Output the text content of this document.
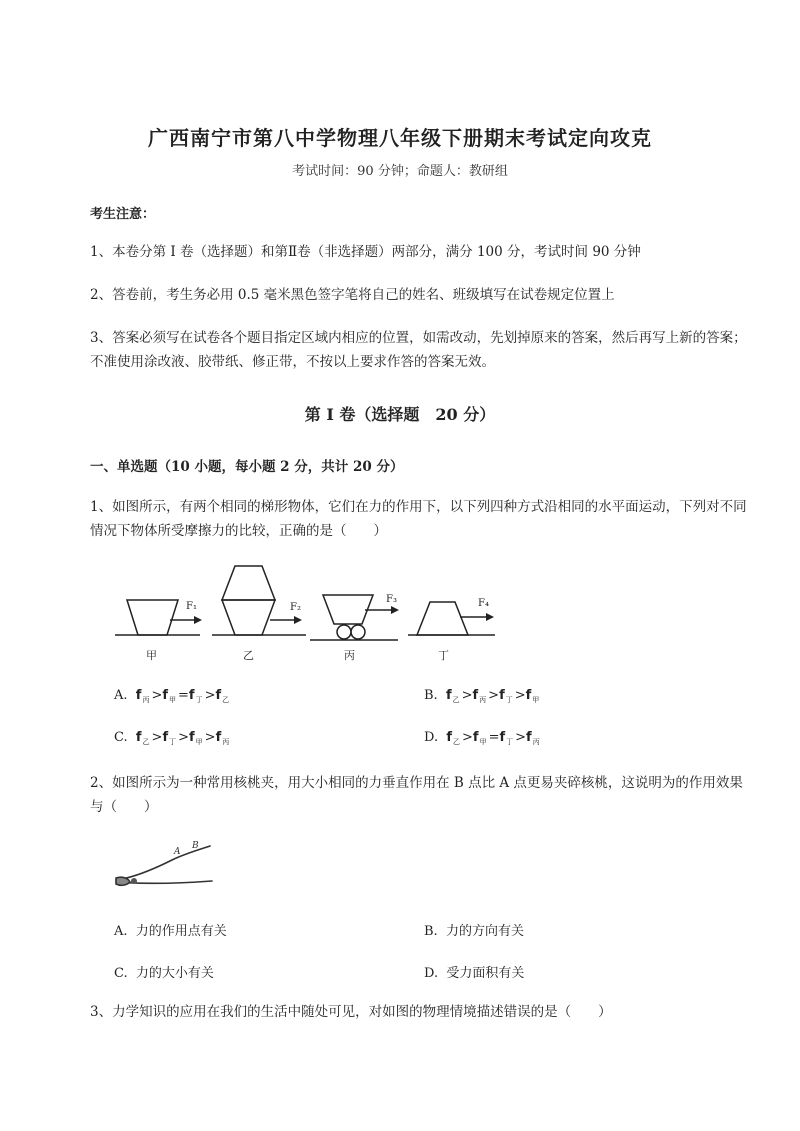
广西南宁市第八中学物理八年级下册期末考试定向攻克
考试时间：90 分钟；命题人：教研组
考生注意：
1、本卷分第 I 卷（选择题）和第Ⅱ卷（非选择题）两部分，满分 100 分，考试时间 90 分钟
2、答卷前，考生务必用 0.5 毫米黑色签字笔将自己的姓名、班级填写在试卷规定位置上
3、答案必须写在试卷各个题目指定区域内相应的位置，如需改动，先划掉原来的答案，然后再写上新的答案；不准使用涂改液、胶带纸、修正带，不按以上要求作答的答案无效。
第 I 卷（选择题　20 分）
一、单选题（10 小题，每小题 2 分，共计 20 分）
1、如图所示，有两个相同的梯形物体，它们在力的作用下，以下列四种方式沿相同的水平面运动，下列对不同情况下物体所受摩擦力的比较，正确的是（　　）
F₁	F₂
F₃	F₄
甲	乙	丙	丁
A. $f_丙 >f_甲 =f_丁 >f_乙$	B. $f_乙 >f_丙 >f_丁 >f_甲$
C. $f_乙 >f_丁 >f_甲 >f_丙$	D. $f_乙 >f_甲 =f_丁 >f_丙$
2、如图所示为一种常用核桃夹，用大小相同的力垂直作用在 B 点比 A 点更易夹碎核桃，这说明为的作用效果与（　　）
A
B
A. 力的作用点有关	B. 力的方向有关
C. 力的大小有关	D. 受力面积有关
3、力学知识的应用在我们的生活中随处可见，对如图的物理情境描述错误的是（　　）
